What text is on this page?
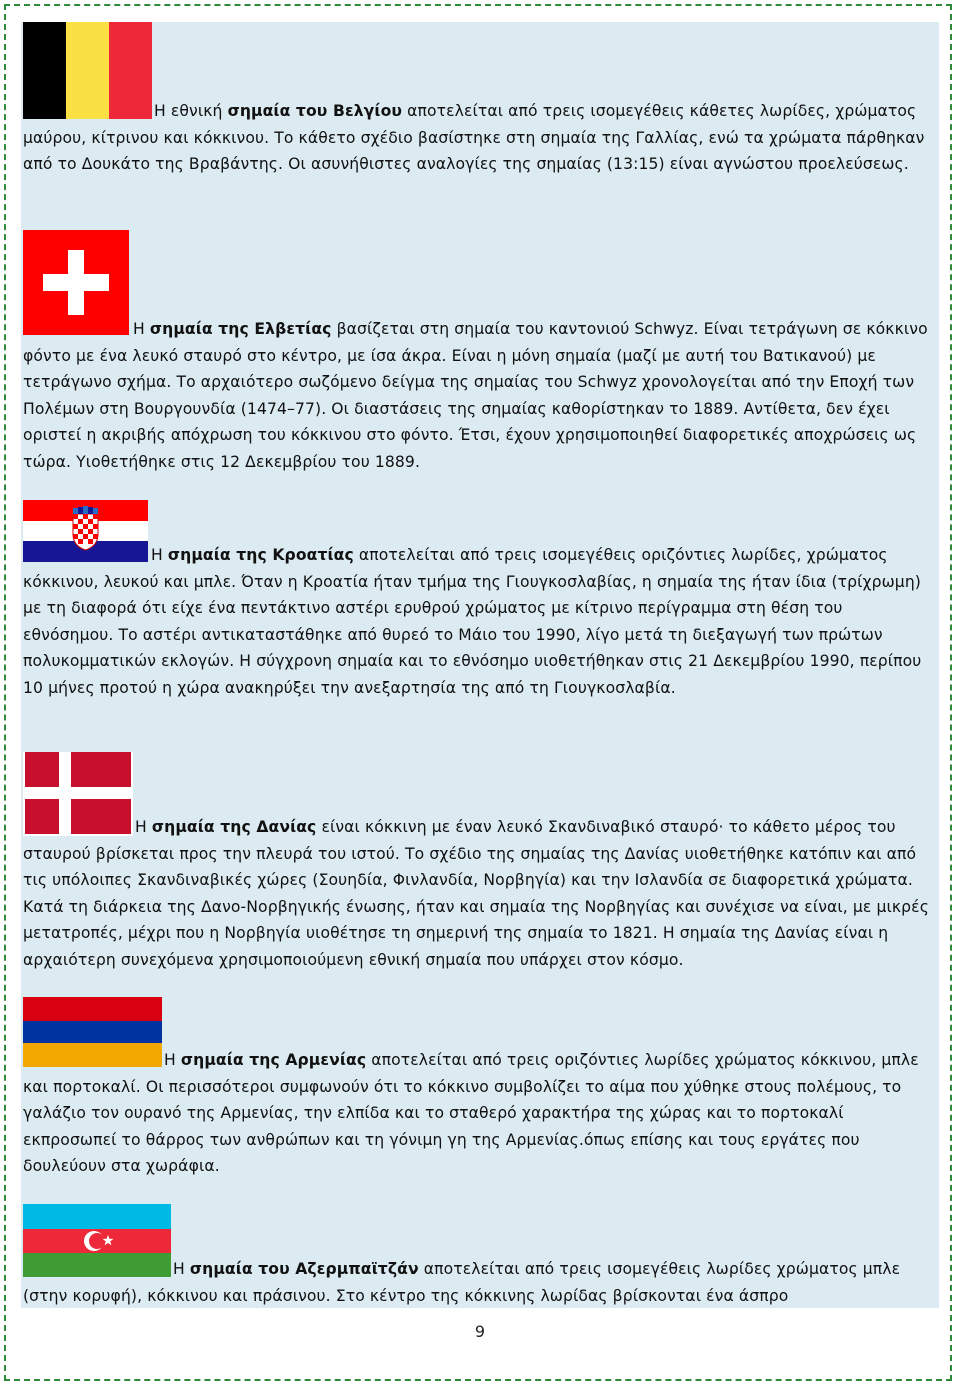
Η εθνική σημαία του Βελγίου αποτελείται από τρεις ισομεγέθεις κάθετες λωρίδες, χρώματος μαύρου, κίτρινου και κόκκινου. Το κάθετο σχέδιο βασίστηκε στη σημαία της Γαλλίας, ενώ τα χρώματα πάρθηκαν από το Δουκάτο της Βραβάντης. Οι ασυνήθιστες αναλογίες της σημαίας (13:15) είναι αγνώστου προελεύσεως.

Η σημαία της Ελβετίας βασίζεται στη σημαία του καντονιού Schwyz. Είναι τετράγωνη σε κόκκινο φόντο με ένα λευκό σταυρό στο κέντρο, με ίσα άκρα. Είναι η μόνη σημαία (μαζί με αυτή του Βατικανού) με τετράγωνο σχήμα. Το αρχαιότερο σωζόμενο δείγμα της σημαίας του Schwyz χρονολογείται από την Εποχή των Πολέμων στη Βουργουνδία (1474–77). Οι διαστάσεις της σημαίας καθορίστηκαν το 1889. Αντίθετα, δεν έχει οριστεί η ακριβής απόχρωση του κόκκινου στο φόντο. Έτσι, έχουν χρησιμοποιηθεί διαφορετικές αποχρώσεις ως τώρα. Υιοθετήθηκε στις 12 Δεκεμβρίου του 1889.

Η σημαία της Κροατίας αποτελείται από τρεις ισομεγέθεις οριζόντιες λωρίδες, χρώματος κόκκινου, λευκού και μπλε. Όταν η Κροατία ήταν τμήμα της Γιουγκοσλαβίας, η σημαία της ήταν ίδια (τρίχρωμη) με τη διαφορά ότι είχε ένα πεντάκτινο αστέρι ερυθρού χρώματος με κίτρινο περίγραμμα στη θέση του εθνόσημου. Το αστέρι αντικαταστάθηκε από θυρεό το Μάιο του 1990, λίγο μετά τη διεξαγωγή των πρώτων πολυκομματικών εκλογών. Η σύγχρονη σημαία και το εθνόσημο υιοθετήθηκαν στις 21 Δεκεμβρίου 1990, περίπου 10 μήνες προτού η χώρα ανακηρύξει την ανεξαρτησία της από τη Γιουγκοσλαβία.

Η σημαία της Δανίας είναι κόκκινη με έναν λευκό Σκανδιναβικό σταυρό· το κάθετο μέρος του σταυρού βρίσκεται προς την πλευρά του ιστού. Το σχέδιο της σημαίας της Δανίας υιοθετήθηκε κατόπιν και από τις υπόλοιπες Σκανδιναβικές χώρες (Σουηδία, Φινλανδία, Νορβηγία) και την Ισλανδία σε διαφορετικά χρώματα. Κατά τη διάρκεια της Δανο-Νορβηγικής ένωσης, ήταν και σημαία της Νορβηγίας και συνέχισε να είναι, με μικρές μετατροπές, μέχρι που η Νορβηγία υιοθέτησε τη σημερινή της σημαία το 1821. Η σημαία της Δανίας είναι η αρχαιότερη συνεχόμενα χρησιμοποιούμενη εθνική σημαία που υπάρχει στον κόσμο.

Η σημαία της Αρμενίας αποτελείται από τρεις οριζόντιες λωρίδες χρώματος κόκκινου, μπλε και πορτοκαλί. Οι περισσότεροι συμφωνούν ότι το κόκκινο συμβολίζει το αίμα που χύθηκε στους πολέμους, το γαλάζιο τον ουρανό της Αρμενίας, την ελπίδα και το σταθερό χαρακτήρα της χώρας και το πορτοκαλί εκπροσωπεί το θάρρος των ανθρώπων και τη γόνιμη γη της Αρμενίας.όπως επίσης και τους εργάτες που δουλεύουν στα χωράφια.

Η σημαία του Αζερμπαϊτζάν αποτελείται από τρεις ισομεγέθεις λωρίδες χρώματος μπλε (στην κορυφή), κόκκινου και πράσινου. Στο κέντρο της κόκκινης λωρίδας βρίσκονται ένα άσπρο

9
